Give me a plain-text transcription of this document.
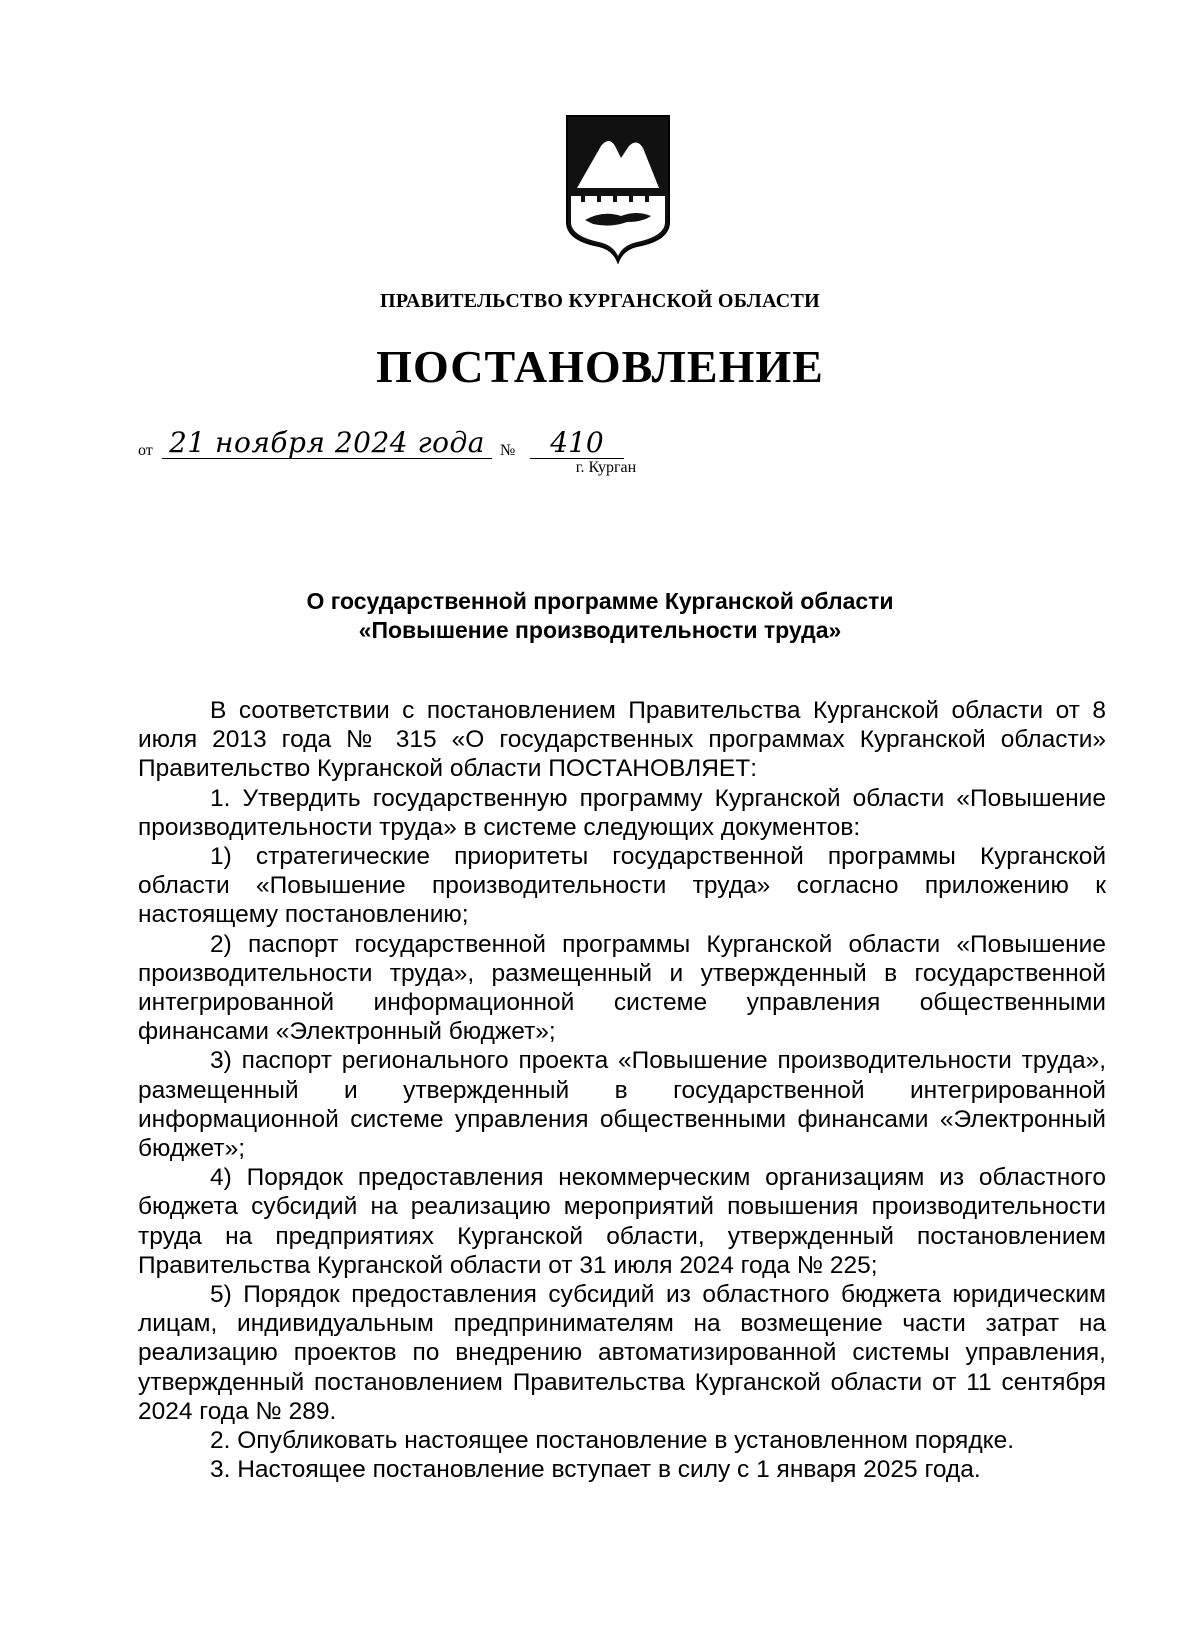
ПРАВИТЕЛЬСТВО КУРГАНСКОЙ ОБЛАСТИ
ПОСТАНОВЛЕНИЕ
от 21 ноября 2024 года №	410
г. Курган
О государственной программе Курганской области
«Повышение производительности труда»

В соответствии с постановлением Правительства Курганской области от 8 июля 2013 года № 315 «О государственных программах Курганской области» Правительство Курганской области ПОСТАНОВЛЯЕТ:

1. Утвердить государственную программу Курганской области «Повышение производительности труда» в системе следующих документов:

1) стратегические приоритеты государственной программы Курганской области «Повышение производительности труда» согласно приложению к настоящему постановлению;

2) паспорт государственной программы Курганской области «Повышение производительности труда», размещенный и утвержденный в государственной интегрированной информационной системе управления общественными финансами «Электронный бюджет»;

3) паспорт регионального проекта «Повышение производительности труда», размещенный и утвержденный в государственной интегрированной информационной системе управления общественными финансами «Электронный бюджет»;

4) Порядок предоставления некоммерческим организациям из областного бюджета субсидий на реализацию мероприятий повышения производительности труда на предприятиях Курганской области, утвержденный постановлением Правительства Курганской области от 31 июля 2024 года № 225;

5) Порядок предоставления субсидий из областного бюджета юридическим лицам, индивидуальным предпринимателям на возмещение части затрат на реализацию проектов по внедрению автоматизированной системы управления, утвержденный постановлением Правительства Курганской области от 11 сентября 2024 года № 289.

2. Опубликовать настоящее постановление в установленном порядке.

3. Настоящее постановление вступает в силу с 1 января 2025 года.
